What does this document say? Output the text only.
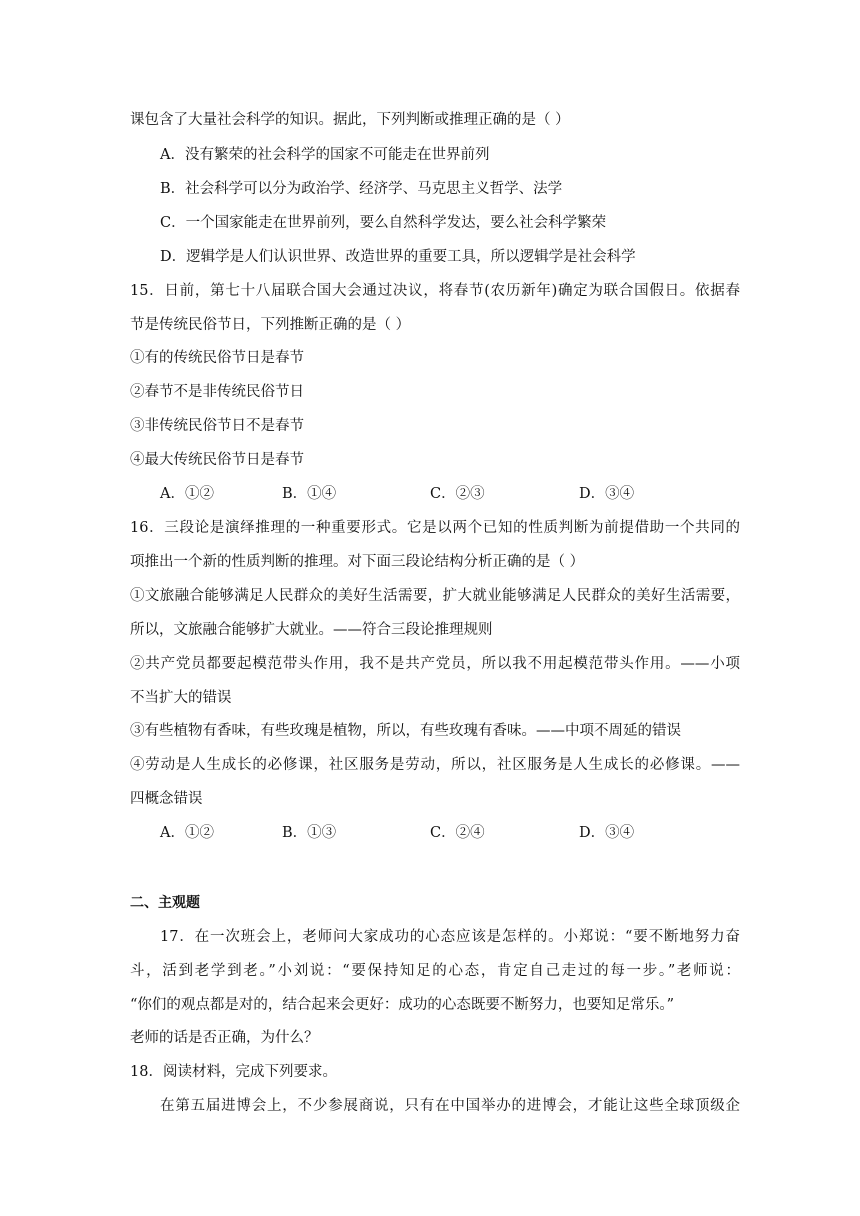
课包含了大量社会科学的知识。据此，下列判断或推理正确的是（ ）
A．没有繁荣的社会科学的国家不可能走在世界前列
B．社会科学可以分为政治学、经济学、马克思主义哲学、法学
C．一个国家能走在世界前列，要么自然科学发达，要么社会科学繁荣
D．逻辑学是人们认识世界、改造世界的重要工具，所以逻辑学是社会科学
15．日前，第七十八届联合国大会通过决议，将春节(农历新年)确定为联合国假日。依据春
节是传统民俗节日，下列推断正确的是（ ）
①有的传统民俗节日是春节
②春节不是非传统民俗节日
③非传统民俗节日不是春节
④最大传统民俗节日是春节
A．①②	B．①④	C．②③	D．③④
16．三段论是演绎推理的一种重要形式。它是以两个已知的性质判断为前提借助一个共同的
项推出一个新的性质判断的推理。对下面三段论结构分析正确的是（ ）
①文旅融合能够满足人民群众的美好生活需要，扩大就业能够满足人民群众的美好生活需要，
所以，文旅融合能够扩大就业。——符合三段论推理规则
②共产党员都要起模范带头作用，我不是共产党员，所以我不用起模范带头作用。——小项
不当扩大的错误
③有些植物有香味，有些玫瑰是植物，所以，有些玫瑰有香味。——中项不周延的错误
④劳动是人生成长的必修课，社区服务是劳动，所以，社区服务是人生成长的必修课。——
四概念错误
A．①②	B．①③	C．②④	D．③④
二、主观题
17．在一次班会上，老师问大家成功的心态应该是怎样的。小郑说：“要不断地努力奋
斗，活到老学到老。”小刘说：“要保持知足的心态，肯定自己走过的每一步。”老师说：
“你们的观点都是对的，结合起来会更好：成功的心态既要不断努力，也要知足常乐。”
老师的话是否正确，为什么？
18．阅读材料，完成下列要求。
在第五届进博会上，不少参展商说，只有在中国举办的进博会，才能让这些全球顶级企
